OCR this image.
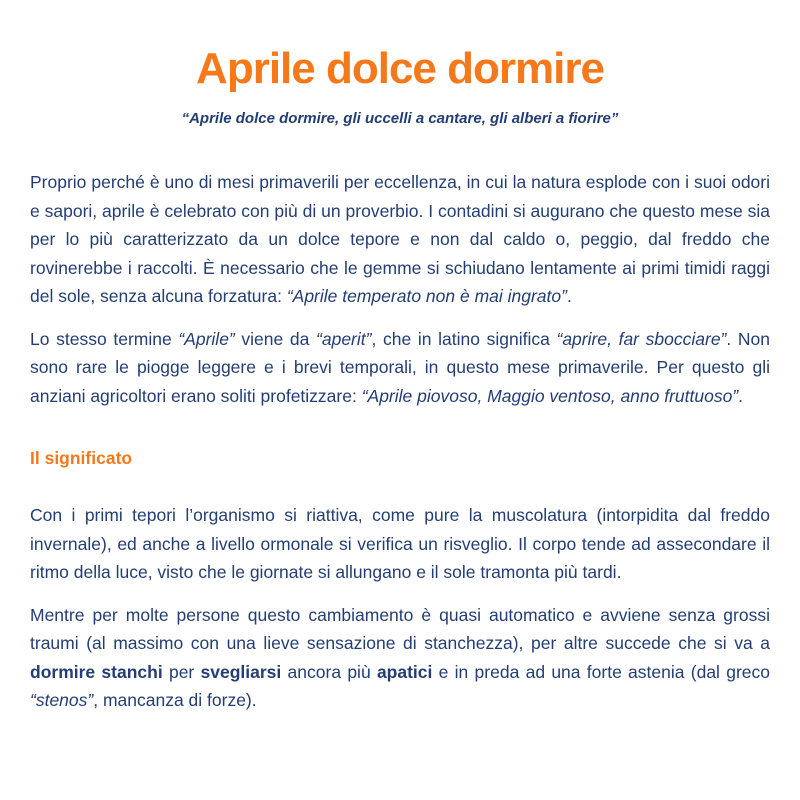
Aprile dolce dormire
“Aprile dolce dormire, gli uccelli a cantare, gli alberi a fiorire”

Proprio perché è uno di mesi primaverili per eccellenza, in cui la natura esplode con i suoi odori e sapori, aprile è celebrato con più di un proverbio. I contadini si augurano che questo mese sia per lo più caratterizzato da un dolce tepore e non dal caldo o, peggio, dal freddo che rovinerebbe i raccolti. È necessario che le gemme si schiudano lentamente ai primi timidi raggi del sole, senza alcuna forzatura: “Aprile temperato non è mai ingrato”.

Lo stesso termine “Aprile” viene da “aperit”, che in latino significa “aprire, far sbocciare”. Non sono rare le piogge leggere e i brevi temporali, in questo mese primaverile. Per questo gli anziani agricoltori erano soliti profetizzare: “Aprile piovoso, Maggio ventoso, anno fruttuoso”.

Il significato

Con i primi tepori l’organismo si riattiva, come pure la muscolatura (intorpidita dal freddo invernale), ed anche a livello ormonale si verifica un risveglio. Il corpo tende ad assecondare il ritmo della luce, visto che le giornate si allungano e il sole tramonta più tardi.

Mentre per molte persone questo cambiamento è quasi automatico e avviene senza grossi traumi (al massimo con una lieve sensazione di stanchezza), per altre succede che si va a dormire stanchi per svegliarsi ancora più apatici e in preda ad una forte astenia (dal greco “stenos”, mancanza di forze).
